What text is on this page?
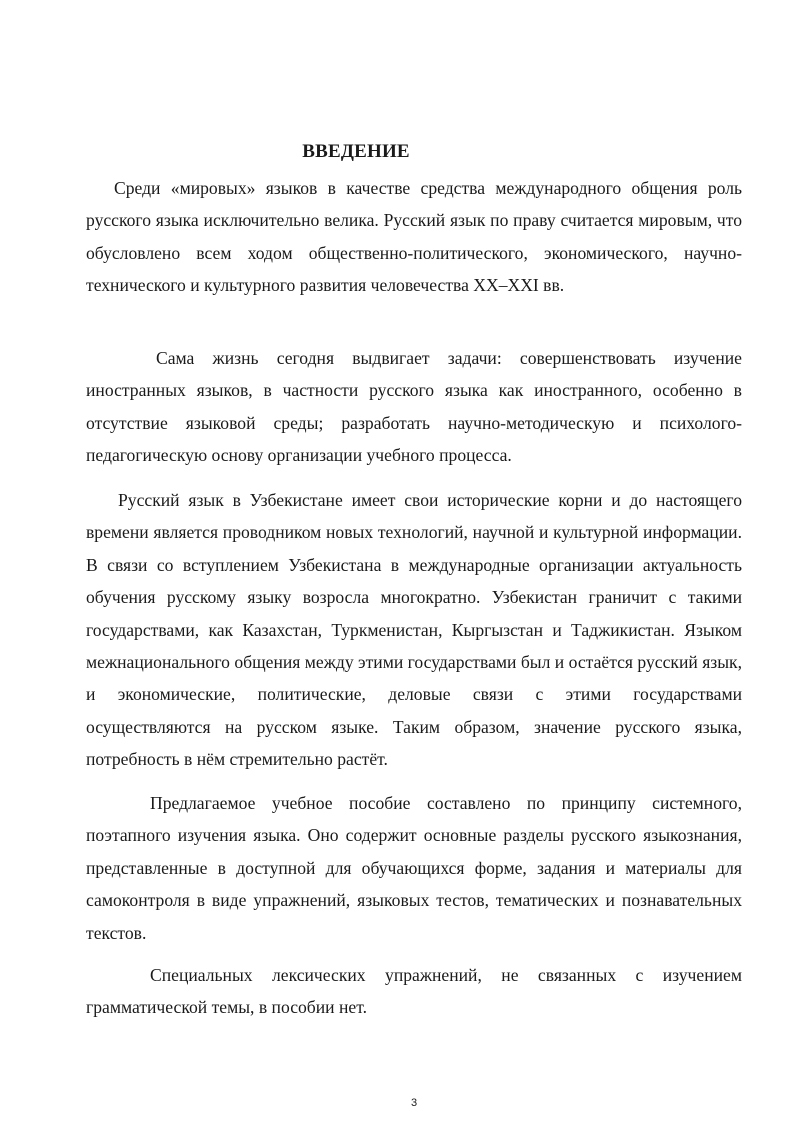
ВВЕДЕНИЕ

Среди «мировых» языков в качестве средства международного общения роль русского языка исключительно велика. Русский язык по праву считается мировым, что обусловлено всем ходом общественно-политического, экономического, научно-технического и культурного развития человечества XX–XXI вв.

Сама жизнь сегодня выдвигает задачи: совершенствовать изучение иностранных языков, в частности русского языка как иностранного, особенно в отсутствие языковой среды; разработать научно-методическую и психолого-педагогическую основу организации учебного процесса.

Русский язык в Узбекистане имеет свои исторические корни и до настоящего времени является проводником новых технологий, научной и культурной информации. В связи со вступлением Узбекистана в международные организации актуальность обучения русскому языку возросла многократно. Узбекистан граничит с такими государствами, как Казахстан, Туркменистан, Кыргызстан и Таджикистан. Языком межнационального общения между этими государствами был и остаётся русский язык, и экономические, политические, деловые связи с этими государствами осуществляются на русском языке. Таким образом, значение русского языка, потребность в нём стремительно растёт.

Предлагаемое учебное пособие составлено по принципу системного, поэтапного изучения языка. Оно содержит основные разделы русского языкознания, представленные в доступной для обучающихся форме, задания и материалы для самоконтроля в виде упражнений, языковых тестов, тематических и познавательных текстов.

Специальных лексических упражнений, не связанных с изучением грамматической темы, в пособии нет.

3
